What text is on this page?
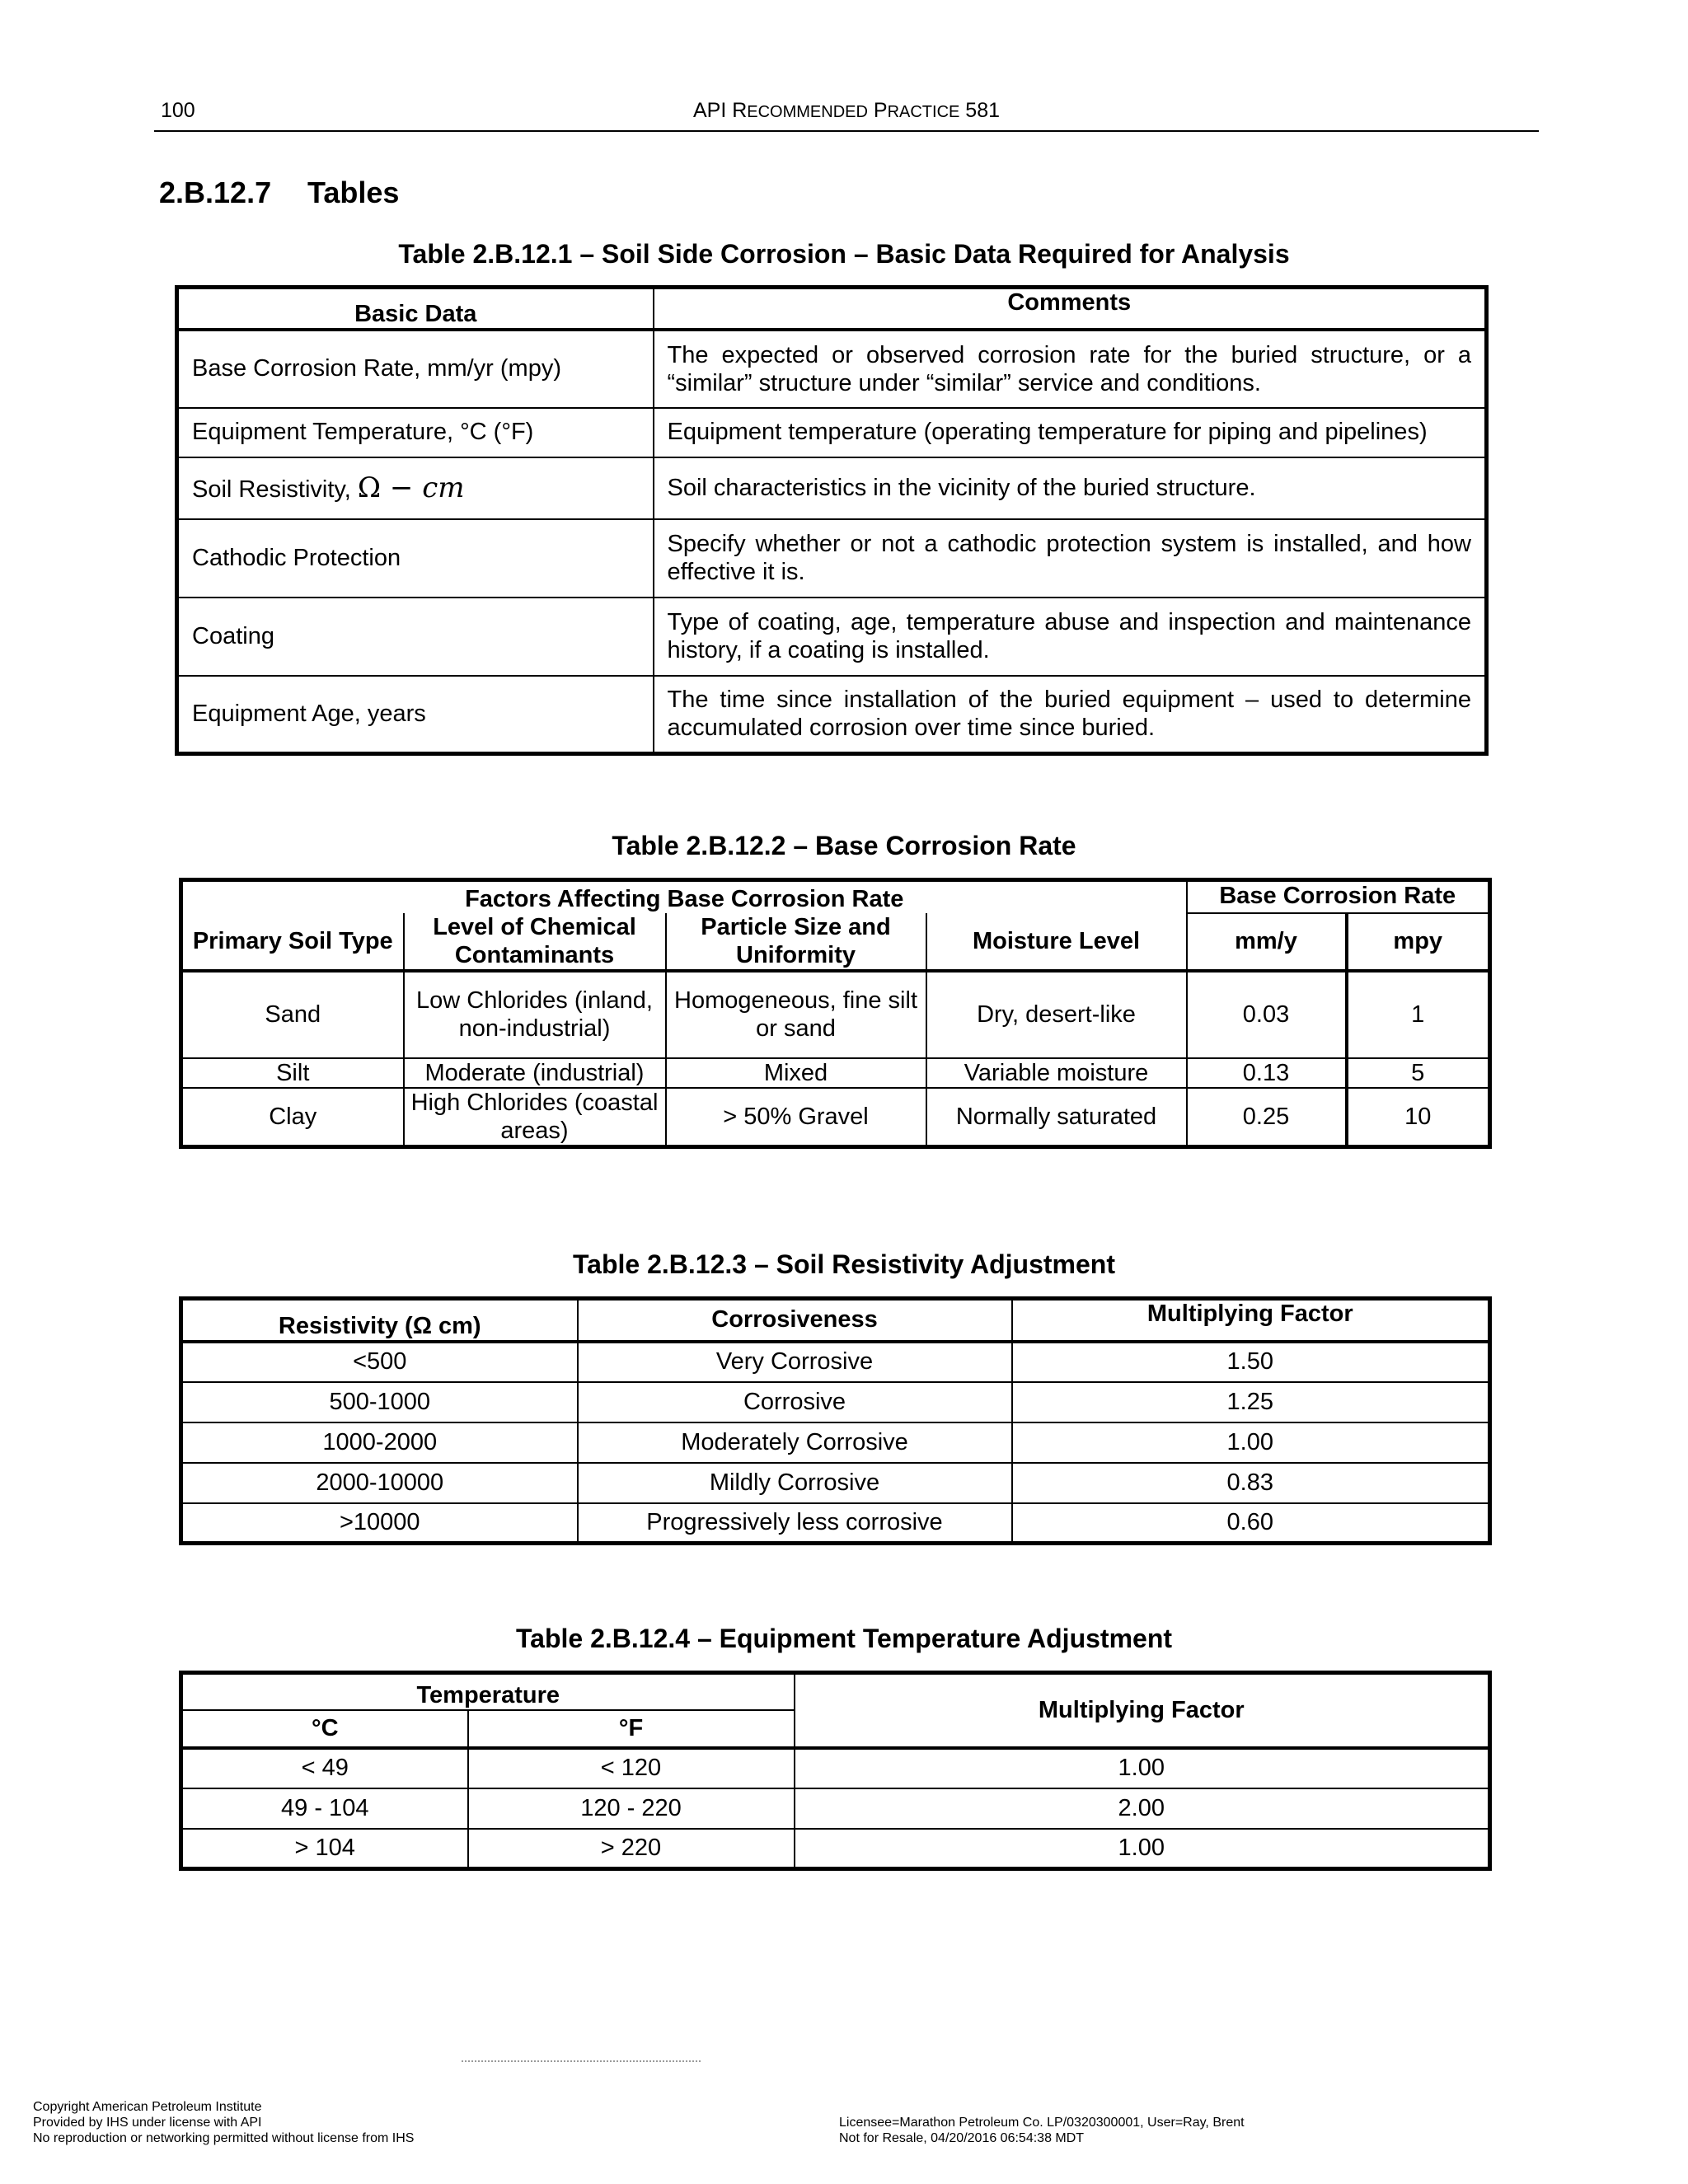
100	API RECOMMENDED PRACTICE 581
2.B.12.7 Tables
Table 2.B.12.1 – Soil Side Corrosion – Basic Data Required for Analysis
Basic Data	Comments
Base Corrosion Rate, mm/yr (mpy)	The expected or observed corrosion rate for the buried structure, or a “similar” structure under “similar” service and conditions.
Equipment Temperature, °C (°F)	Equipment temperature (operating temperature for piping and pipelines)
Soil Resistivity, Ω − cm	Soil characteristics in the vicinity of the buried structure.
Cathodic Protection	Specify whether or not a cathodic protection system is installed, and how effective it is.
Coating	Type of coating, age, temperature abuse and inspection and maintenance history, if a coating is installed.
Equipment Age, years	The time since installation of the buried equipment – used to determine accumulated corrosion over time since buried.
Table 2.B.12.2 – Base Corrosion Rate
Factors Affecting Base Corrosion Rate				Base Corrosion Rate	
Primary Soil Type	Level of Chemical Contaminants	Particle Size and Uniformity	Moisture Level	mm/y	mpy
Sand	Low Chlorides (inland, non-industrial)	Homogeneous, fine silt or sand	Dry, desert-like	0.03	1
Silt	Moderate (industrial)	Mixed	Variable moisture	0.13	5
Clay	High Chlorides (coastal areas)	> 50% Gravel	Normally saturated	0.25	10
Table 2.B.12.3 – Soil Resistivity Adjustment
Resistivity (Ω cm)	Corrosiveness	Multiplying Factor
<500	Very Corrosive	1.50
500-1000	Corrosive	1.25
1000-2000	Moderately Corrosive	1.00
2000-10000	Mildly Corrosive	0.83
>10000	Progressively less corrosive	0.60
Table 2.B.12.4 – Equipment Temperature Adjustment
Temperature		Multiplying Factor
°C	°F	
< 49	< 120	1.00
49 - 104	120 - 220	2.00
> 104	> 220	1.00
Copyright American Petroleum Institute
Provided by IHS under license with API
No reproduction or networking permitted without license from IHS
Licensee=Marathon Petroleum Co. LP/0320300001, User=Ray, Brent
Not for Resale, 04/20/2016 06:54:38 MDT
